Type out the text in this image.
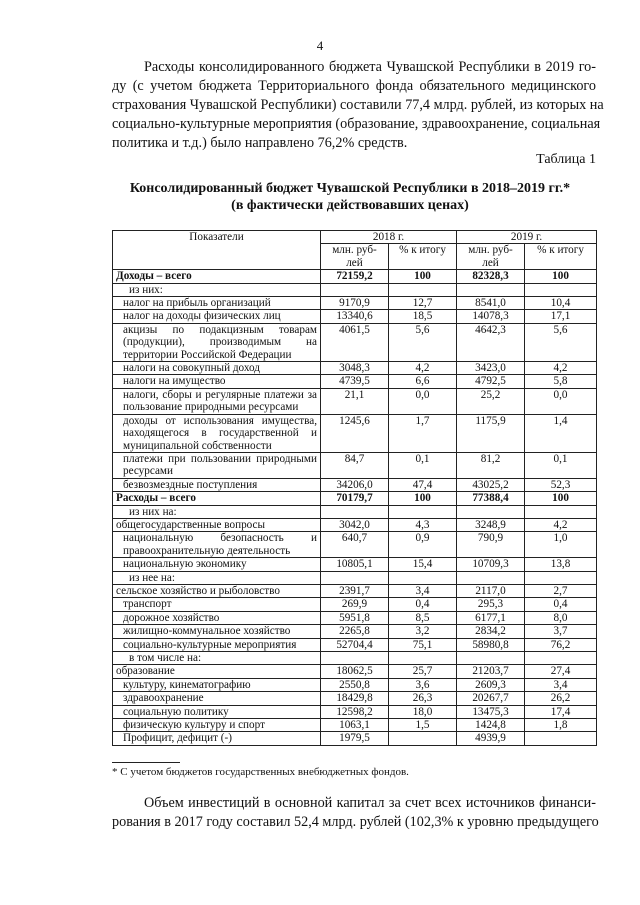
4
Расходы консолидированного бюджета Чувашской Республики в 2019 го-
ду (с учетом бюджета Территориального фонда обязательного медицинского
страхования Чувашской Республики) составили 77,4 млрд. рублей, из которых на
социально-культурные мероприятия (образование, здравоохранение, социальная
политика и т.д.) было направлено 76,2% средств.
Таблица 1
Консолидированный бюджет Чувашской Республики в 2018–2019 гг.*
(в фактически действовавших ценах)
Показатели	2018 г.		2019 г.	
	млн. руб-лей	% к итогу	млн. руб-лей	% к итогу
Доходы – всего	72159,2	100	82328,3	100
из них:				
налог на прибыль организаций	9170,9	12,7	8541,0	10,4
налог на доходы физических лиц	13340,6	18,5	14078,3	17,1
акцизы по подакцизным товарам (продукции), производимым на территории Российской Федерации	4061,5	5,6	4642,3	5,6
налоги на совокупный доход	3048,3	4,2	3423,0	4,2
налоги на имущество	4739,5	6,6	4792,5	5,8
налоги, сборы и регулярные платежи за пользование природными ресурсами	21,1	0,0	25,2	0,0
доходы от использования имущества, находящегося в государственной и муниципальной собственности	1245,6	1,7	1175,9	1,4
платежи при пользовании природными ресурсами	84,7	0,1	81,2	0,1
безвозмездные поступления	34206,0	47,4	43025,2	52,3
Расходы – всего	70179,7	100	77388,4	100
из них на:				
общегосударственные вопросы	3042,0	4,3	3248,9	4,2
национальную безопасность и правоохранительную деятельность	640,7	0,9	790,9	1,0
национальную экономику	10805,1	15,4	10709,3	13,8
из нее на:				
сельское хозяйство и рыболовство	2391,7	3,4	2117,0	2,7
транспорт	269,9	0,4	295,3	0,4
дорожное хозяйство	5951,8	8,5	6177,1	8,0
жилищно-коммунальное хозяйство	2265,8	3,2	2834,2	3,7
социально-культурные мероприятия	52704,4	75,1	58980,8	76,2
в том числе на:				
образование	18062,5	25,7	21203,7	27,4
культуру, кинематографию	2550,8	3,6	2609,3	3,4
здравоохранение	18429,8	26,3	20267,7	26,2
социальную политику	12598,2	18,0	13475,3	17,4
физическую культуру и спорт	1063,1	1,5	1424,8	1,8
Профицит, дефицит (-)	1979,5		4939,9	
* С учетом бюджетов государственных внебюджетных фондов.
Объем инвестиций в основной капитал за счет всех источников финанси-
рования в 2017 году составил 52,4 млрд. рублей (102,3% к уровню предыдущего
